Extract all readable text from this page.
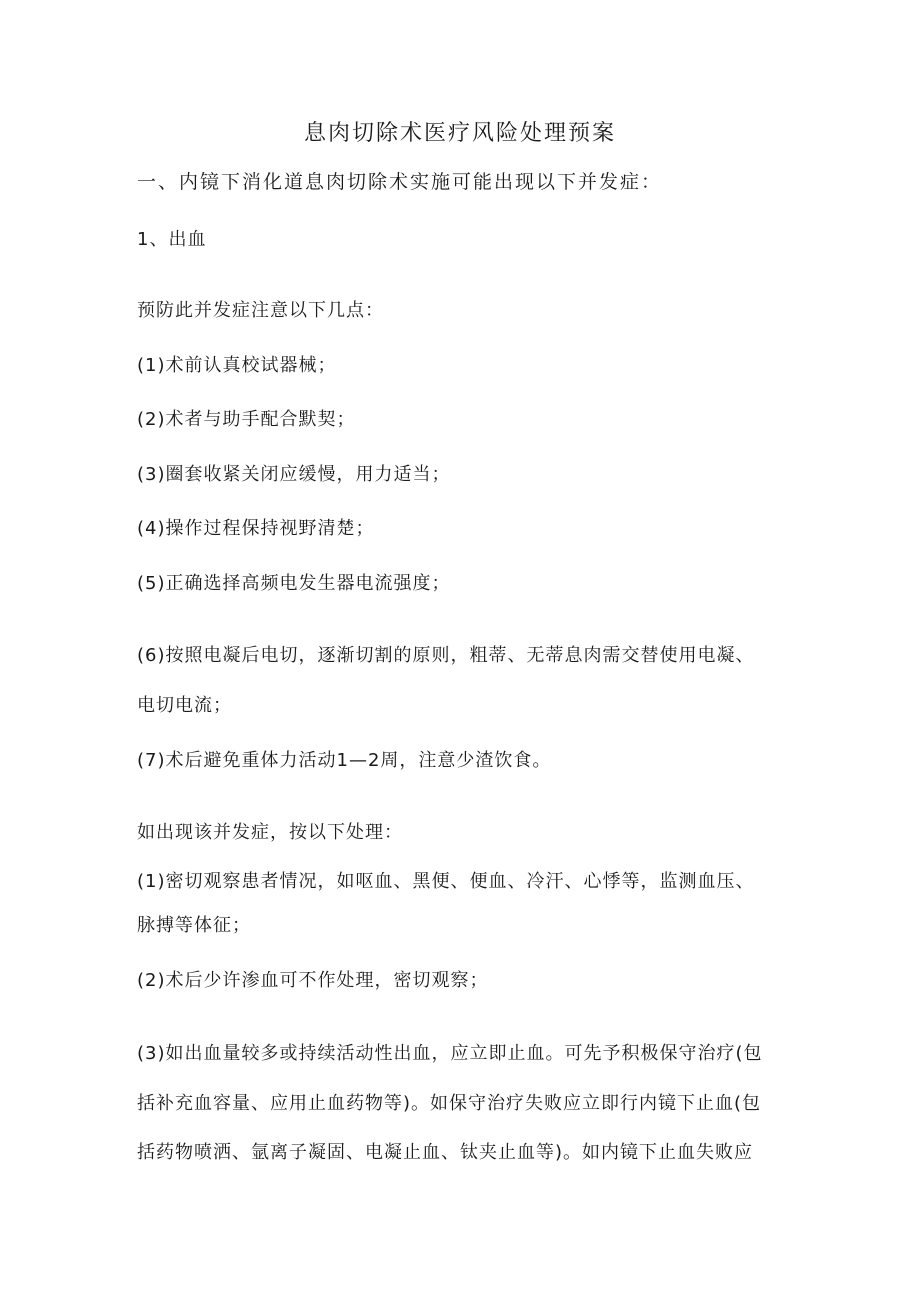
息肉切除术医疗风险处理预案
一、内镜下消化道息肉切除术实施可能出现以下并发症：
1、出血
预防此并发症注意以下几点：
(1)术前认真校试器械；
(2)术者与助手配合默契；
(3)圈套收紧关闭应缓慢，用力适当；
(4)操作过程保持视野清楚；
(5)正确选择高频电发生器电流强度；
(6)按照电凝后电切，逐渐切割的原则，粗蒂、无蒂息肉需交替使用电凝、
电切电流；
(7)术后避免重体力活动1—2周，注意少渣饮食。
如出现该并发症，按以下处理：
(1)密切观察患者情况，如呕血、黑便、便血、冷汗、心悸等，监测血压、
脉搏等体征；
(2)术后少许渗血可不作处理，密切观察；
(3)如出血量较多或持续活动性出血，应立即止血。可先予积极保守治疗(包
括补充血容量、应用止血药物等)。如保守治疗失败应立即行内镜下止血(包
括药物喷洒、氩离子凝固、电凝止血、钛夹止血等)。如内镜下止血失败应
